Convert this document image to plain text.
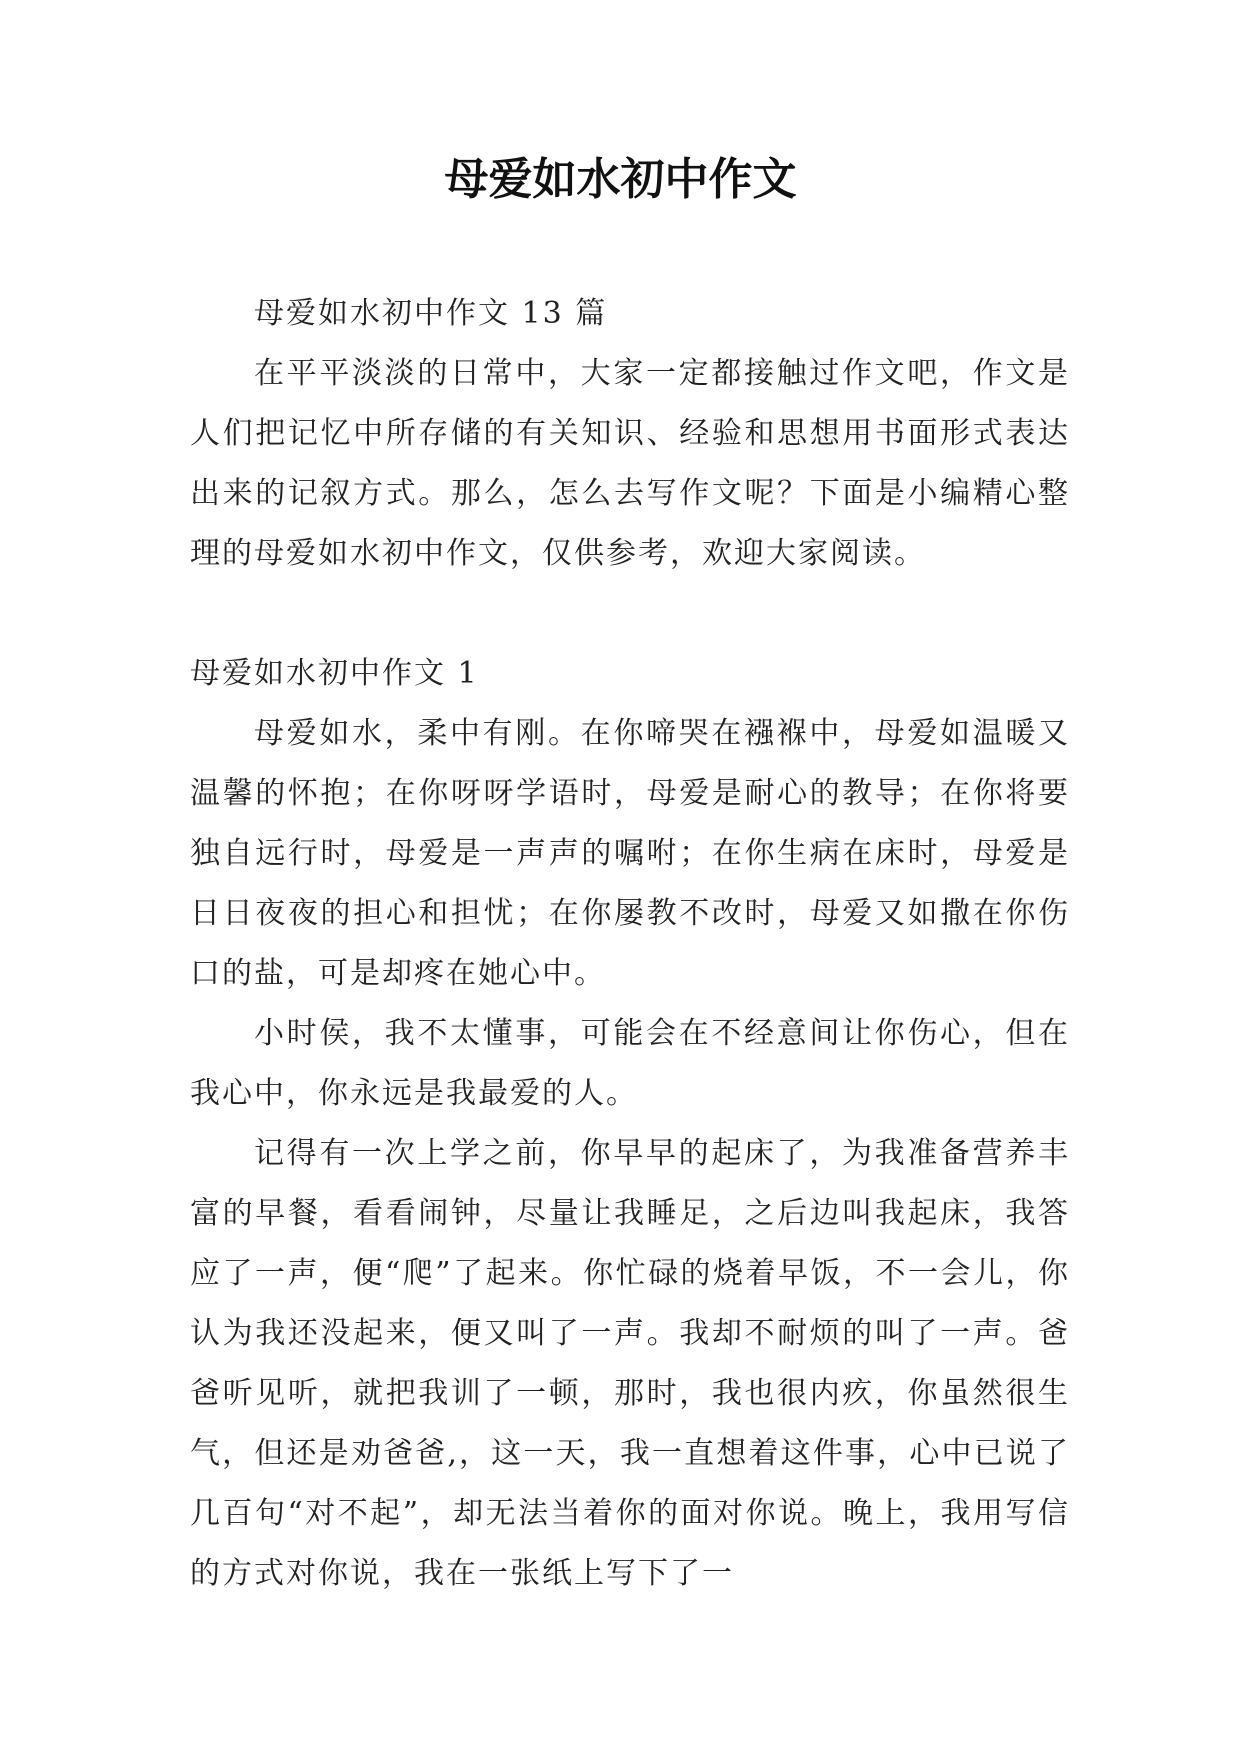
母爱如水初中作文

母爱如水初中作文 13 篇

在平平淡淡的日常中，大家一定都接触过作文吧，作文是人们把记忆中所存储的有关知识、经验和思想用书面形式表达出来的记叙方式。那么，怎么去写作文呢？下面是小编精心整理的母爱如水初中作文，仅供参考，欢迎大家阅读。

母爱如水初中作文 1

母爱如水，柔中有刚。在你啼哭在襁褓中，母爱如温暖又温馨的怀抱；在你呀呀学语时，母爱是耐心的教导；在你将要独自远行时，母爱是一声声的嘱咐；在你生病在床时，母爱是日日夜夜的担心和担忧；在你屡教不改时，母爱又如撒在你伤口的盐，可是却疼在她心中。

小时侯，我不太懂事，可能会在不经意间让你伤心，但在我心中，你永远是我最爱的人。

记得有一次上学之前，你早早的起床了，为我准备营养丰富的早餐，看看闹钟，尽量让我睡足，之后边叫我起床，我答应了一声，便“爬”了起来。你忙碌的烧着早饭，不一会儿，你认为我还没起来，便又叫了一声。我却不耐烦的叫了一声。爸爸听见听，就把我训了一顿，那时，我也很内疚，你虽然很生气，但还是劝爸爸,，这一天，我一直想着这件事，心中已说了几百句“对不起”，却无法当着你的面对你说。晚上，我用写信的方式对你说，我在一张纸上写下了一
